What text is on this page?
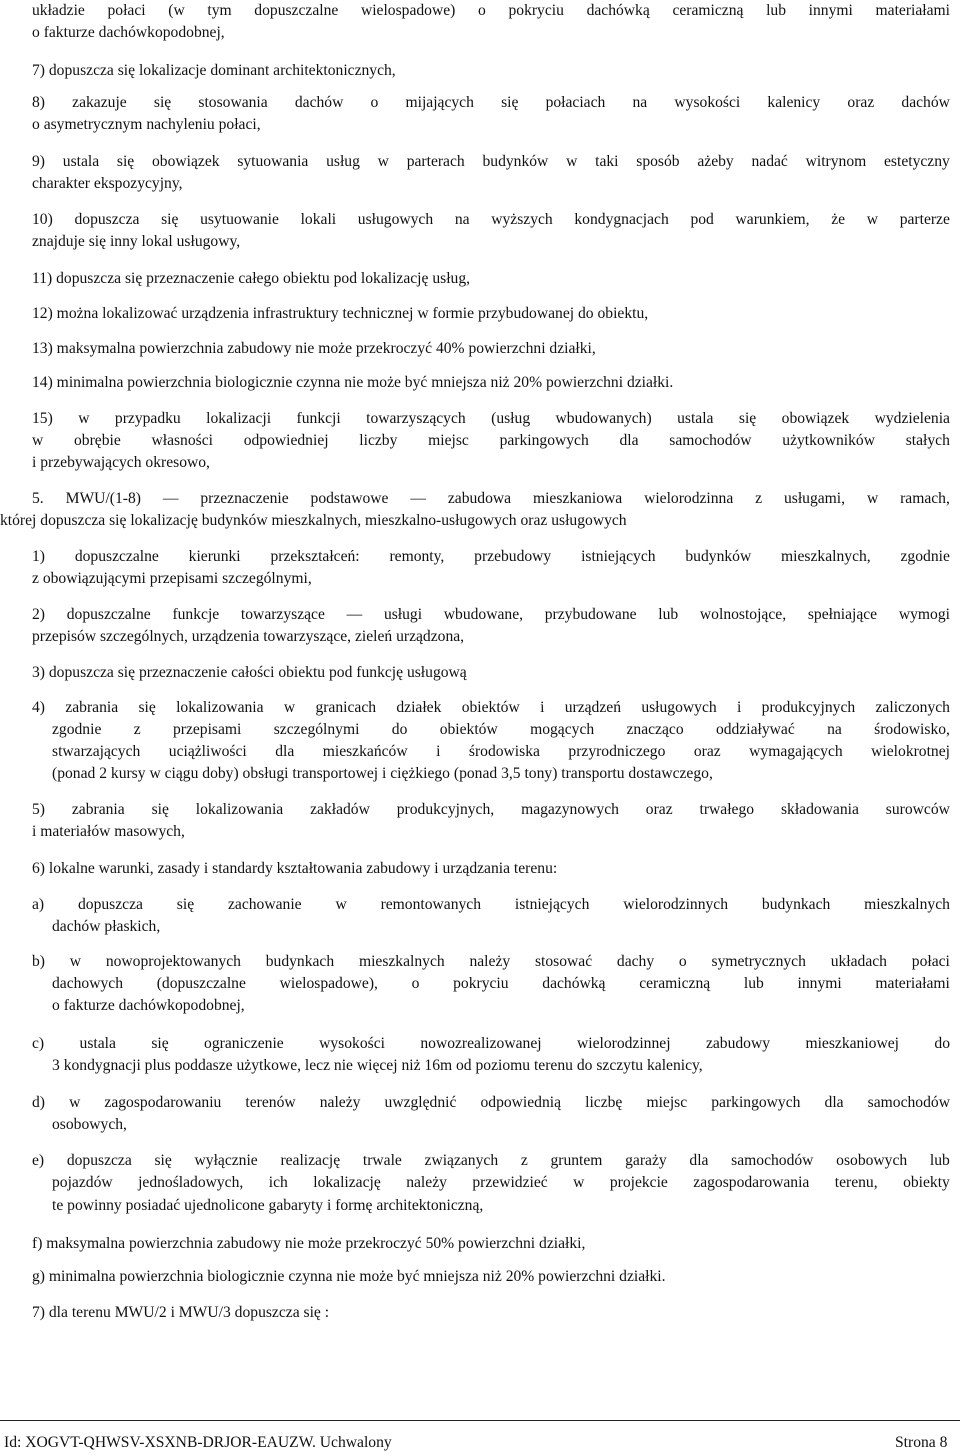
układzie połaci (w tym dopuszczalne wielospadowe) o pokryciu dachówką ceramiczną lub innymi materiałami
o fakturze dachówkopodobnej,
7) dopuszcza się lokalizacje dominant architektonicznych,
8) zakazuje się stosowania dachów o mijających się połaciach na wysokości kalenicy oraz dachów
o asymetrycznym nachyleniu połaci,
9) ustala się obowiązek sytuowania usług w parterach budynków w taki sposób ażeby nadać witrynom estetyczny
charakter ekspozycyjny,
10) dopuszcza się usytuowanie lokali usługowych na wyższych kondygnacjach pod warunkiem, że w parterze
znajduje się inny lokal usługowy,
11) dopuszcza się przeznaczenie całego obiektu pod lokalizację usług,
12) można lokalizować urządzenia infrastruktury technicznej w formie przybudowanej do obiektu,
13) maksymalna powierzchnia zabudowy nie może przekroczyć 40% powierzchni działki,
14) minimalna powierzchnia biologicznie czynna nie może być mniejsza niż 20% powierzchni działki.
15) w przypadku lokalizacji funkcji towarzyszących (usług wbudowanych) ustala się obowiązek wydzielenia
w obrębie własności odpowiedniej liczby miejsc parkingowych dla samochodów użytkowników stałych
i przebywających okresowo,
5. MWU/(1-8) — przeznaczenie podstawowe — zabudowa mieszkaniowa wielorodzinna z usługami, w ramach,
której dopuszcza się lokalizację budynków mieszkalnych, mieszkalno-usługowych oraz usługowych
1) dopuszczalne kierunki przekształceń: remonty, przebudowy istniejących budynków mieszkalnych, zgodnie
z obowiązującymi przepisami szczególnymi,
2) dopuszczalne funkcje towarzyszące — usługi wbudowane, przybudowane lub wolnostojące, spełniające wymogi
przepisów szczególnych, urządzenia towarzyszące, zieleń urządzona,
3) dopuszcza się przeznaczenie całości obiektu pod funkcję usługową
4) zabrania się lokalizowania w granicach działek obiektów i urządzeń usługowych i produkcyjnych zaliczonych
zgodnie z przepisami szczególnymi do obiektów mogących znacząco oddziaływać na środowisko,
stwarzających uciążliwości dla mieszkańców i środowiska przyrodniczego oraz wymagających wielokrotnej
(ponad 2 kursy w ciągu doby) obsługi transportowej i ciężkiego (ponad 3,5 tony) transportu dostawczego,
5) zabrania się lokalizowania zakładów produkcyjnych, magazynowych oraz trwałego składowania surowców
i materiałów masowych,
6) lokalne warunki, zasady i standardy kształtowania zabudowy i urządzania terenu:
a) dopuszcza się zachowanie w remontowanych istniejących wielorodzinnych budynkach mieszkalnych
dachów płaskich,
b) w nowoprojektowanych budynkach mieszkalnych należy stosować dachy o symetrycznych układach połaci
dachowych (dopuszczalne wielospadowe), o pokryciu dachówką ceramiczną lub innymi materiałami
o fakturze dachówkopodobnej,
c) ustala się ograniczenie wysokości nowozrealizowanej wielorodzinnej zabudowy mieszkaniowej do
3 kondygnacji plus poddasze użytkowe, lecz nie więcej niż 16m od poziomu terenu do szczytu kalenicy,
d) w zagospodarowaniu terenów należy uwzględnić odpowiednią liczbę miejsc parkingowych dla samochodów
osobowych,
e) dopuszcza się wyłącznie realizację trwale związanych z gruntem garaży dla samochodów osobowych lub
pojazdów jednośladowych, ich lokalizację należy przewidzieć w projekcie zagospodarowania terenu, obiekty
te powinny posiadać ujednolicone gabaryty i formę architektoniczną,
f) maksymalna powierzchnia zabudowy nie może przekroczyć 50% powierzchni działki,
g) minimalna powierzchnia biologicznie czynna nie może być mniejsza niż 20% powierzchni działki.
7) dla terenu MWU/2 i MWU/3 dopuszcza się :
Id: XOGVT-QHWSV-XSXNB-DRJOR-EAUZW. Uchwalony	Strona 8
